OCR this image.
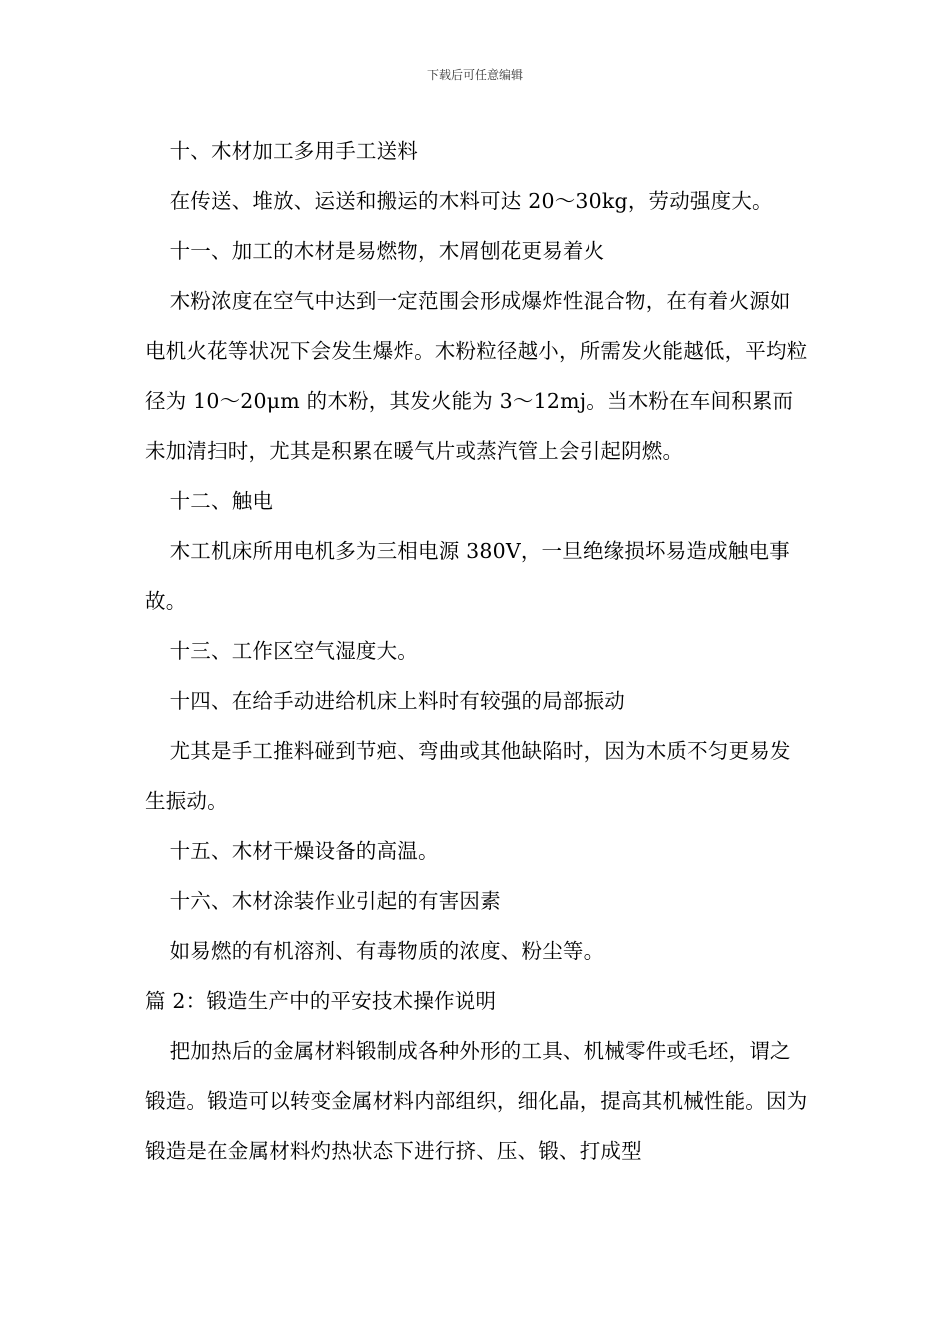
下载后可任意编辑

十、木材加工多用手工送料

在传送、堆放、运送和搬运的木料可达 20～30kg，劳动强度大。

十一、加工的木材是易燃物，木屑刨花更易着火

木粉浓度在空气中达到一定范围会形成爆炸性混合物，在有着火源如电机火花等状况下会发生爆炸。木粉粒径越小，所需发火能越低，平均粒径为 10～20μm 的木粉，其发火能为 3～12mj。当木粉在车间积累而未加清扫时，尤其是积累在暖气片或蒸汽管上会引起阴燃。

十二、触电

木工机床所用电机多为三相电源 380V，一旦绝缘损坏易造成触电事故。

十三、工作区空气湿度大。

十四、在给手动进给机床上料时有较强的局部振动

尤其是手工推料碰到节疤、弯曲或其他缺陷时，因为木质不匀更易发生振动。

十五、木材干燥设备的高温。

十六、木材涂装作业引起的有害因素

如易燃的有机溶剂、有毒物质的浓度、粉尘等。

篇 2：锻造生产中的平安技术操作说明

把加热后的金属材料锻制成各种外形的工具、机械零件或毛坯，谓之锻造。锻造可以转变金属材料内部组织，细化晶，提高其机械性能。因为锻造是在金属材料灼热状态下进行挤、压、锻、打成型
